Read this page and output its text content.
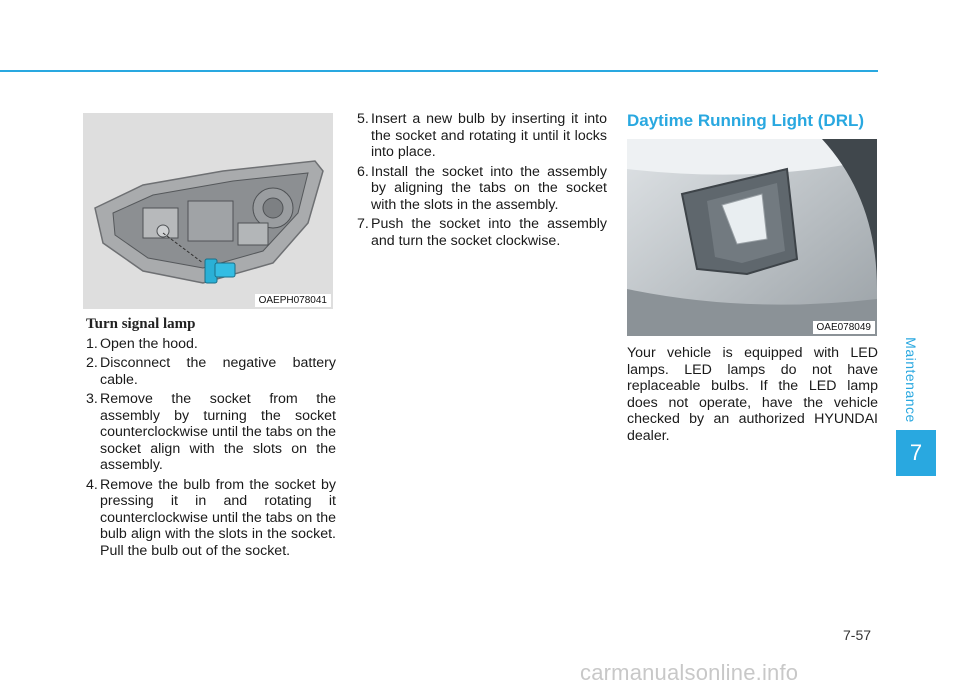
Maintenance
7
OAEPH078041
OAE078049
Turn signal lamp
1. Open the hood.
2. Disconnect the negative battery cable.
3. Remove the socket from the assembly by turning the socket counterclockwise until the tabs on the socket align with the slots on the assembly.
4. Remove the bulb from the socket by pressing it in and rotating it counterclockwise until the tabs on the bulb align with the slots in the socket. Pull the bulb out of the socket.
5. Insert a new bulb by inserting it into the socket and rotating it until it locks into place.
6. Install the socket into the assembly by aligning the tabs on the socket with the slots in the assembly.
7. Push the socket into the assembly and turn the socket clockwise.
Daytime Running Light (DRL)

Your vehicle is equipped with LED lamps. LED lamps do not have replaceable bulbs. If the LED lamp does not operate, have the vehicle checked by an authorized HYUNDAI dealer.

7-57
carmanualsonline.info
